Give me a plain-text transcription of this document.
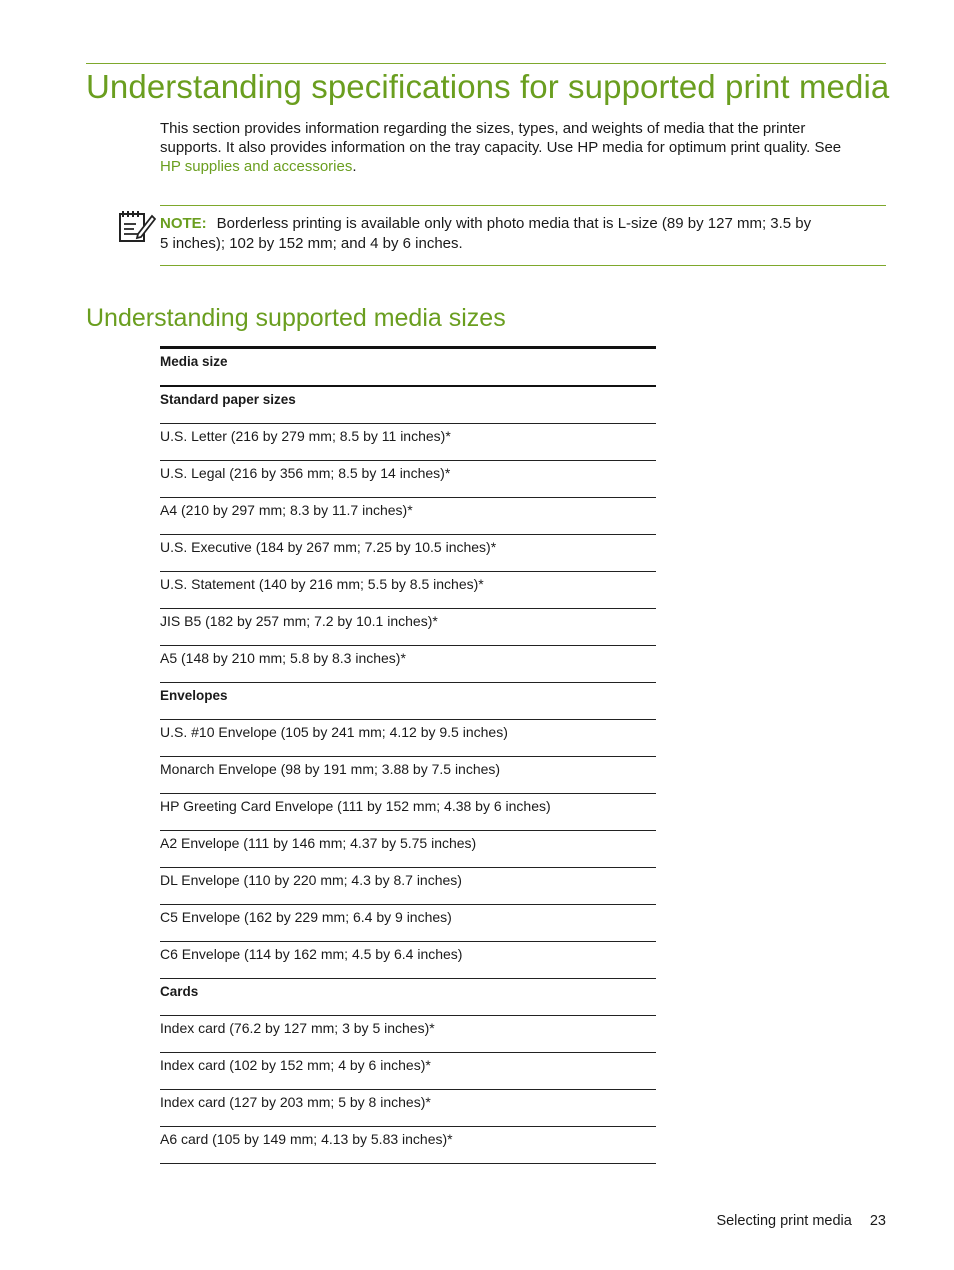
Understanding specifications for supported print media

This section provides information regarding the sizes, types, and weights of media that the printer supports. It also provides information on the tray capacity. Use HP media for optimum print quality. See HP supplies and accessories.

NOTE: Borderless printing is available only with photo media that is L-size (89 by 127 mm; 3.5 by 5 inches); 102 by 152 mm; and 4 by 6 inches.
Understanding supported media sizes
Media size
Standard paper sizes
U.S. Letter (216 by 279 mm; 8.5 by 11 inches)*
U.S. Legal (216 by 356 mm; 8.5 by 14 inches)*
A4 (210 by 297 mm; 8.3 by 11.7 inches)*
U.S. Executive (184 by 267 mm; 7.25 by 10.5 inches)*
U.S. Statement (140 by 216 mm; 5.5 by 8.5 inches)*
JIS B5 (182 by 257 mm; 7.2 by 10.1 inches)*
A5 (148 by 210 mm; 5.8 by 8.3 inches)*
Envelopes
U.S. #10 Envelope (105 by 241 mm; 4.12 by 9.5 inches)
Monarch Envelope (98 by 191 mm; 3.88 by 7.5 inches)
HP Greeting Card Envelope (111 by 152 mm; 4.38 by 6 inches)
A2 Envelope (111 by 146 mm; 4.37 by 5.75 inches)
DL Envelope (110 by 220 mm; 4.3 by 8.7 inches)
C5 Envelope (162 by 229 mm; 6.4 by 9 inches)
C6 Envelope (114 by 162 mm; 4.5 by 6.4 inches)
Cards
Index card (76.2 by 127 mm; 3 by 5 inches)*
Index card (102 by 152 mm; 4 by 6 inches)*
Index card (127 by 203 mm; 5 by 8 inches)*
A6 card (105 by 149 mm; 4.13 by 5.83 inches)*
Selecting print media 23
